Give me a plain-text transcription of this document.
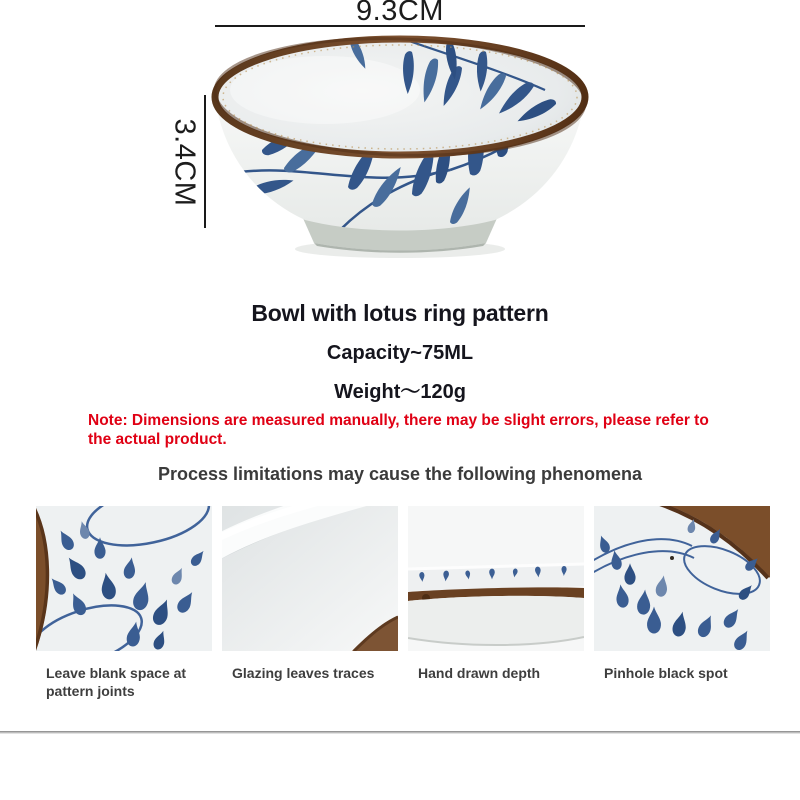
9.3CM
3.4CM
Bowl with lotus ring pattern
Capacity~75ML
Weight～120g
Note: Dimensions are measured manually, there may be slight errors, please refer to
the actual product.
Process limitations may cause the following phenomena
Leave blank space at pattern joints
Glazing leaves traces	Hand drawn depth	Pinhole black spot
